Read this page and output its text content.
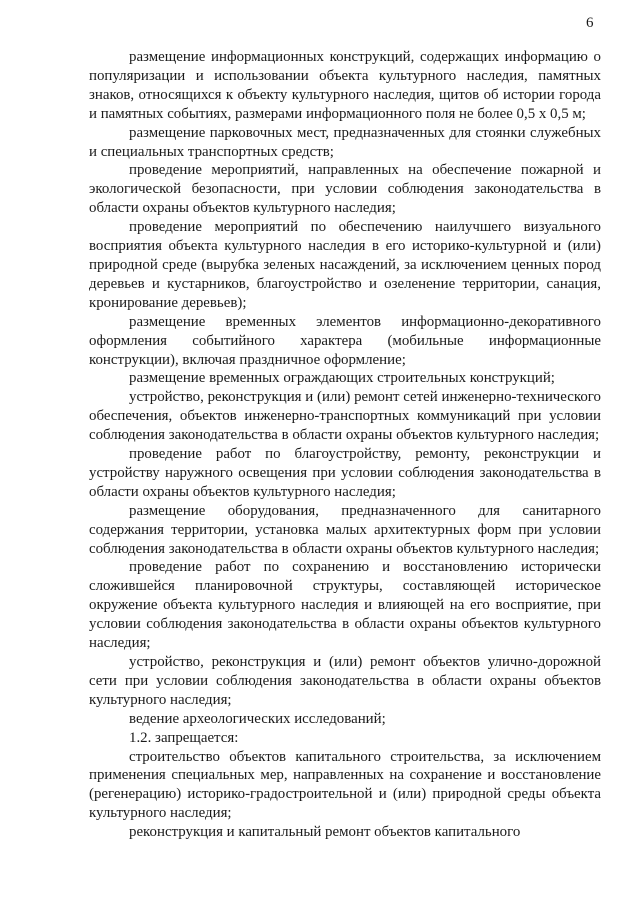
6

размещение информационных конструкций, содержащих информацию о популяризации и использовании объекта культурного наследия, памятных знаков, относящихся к объекту культурного наследия, щитов об истории города и памятных событиях, размерами информационного поля не более 0,5 х 0,5 м;

размещение парковочных мест, предназначенных для стоянки служебных и специальных транспортных средств;

проведение мероприятий, направленных на обеспечение пожарной и экологической безопасности, при условии соблюдения законодательства в области охраны объектов культурного наследия;

проведение мероприятий по обеспечению наилучшего визуального восприятия объекта культурного наследия в его историко-культурной и (или) природной среде (вырубка зеленых насаждений, за исключением ценных пород деревьев и кустарников, благоустройство и озеленение территории, санация, кронирование деревьев);

размещение временных элементов информационно-декоративного оформления событийного характера (мобильные информационные конструкции), включая праздничное оформление;

размещение временных ограждающих строительных конструкций;

устройство, реконструкция и (или) ремонт сетей инженерно-технического обеспечения, объектов инженерно-транспортных коммуникаций при условии соблюдения законодательства в области охраны объектов культурного наследия;

проведение работ по благоустройству, ремонту, реконструкции и устройству наружного освещения при условии соблюдения законодательства в области охраны объектов культурного наследия;

размещение оборудования, предназначенного для санитарного содержания территории, установка малых архитектурных форм при условии соблюдения законодательства в области охраны объектов культурного наследия;

проведение работ по сохранению и восстановлению исторически сложившейся планировочной структуры, составляющей историческое окружение объекта культурного наследия и влияющей на его восприятие, при условии соблюдения законодательства в области охраны объектов культурного наследия;

устройство, реконструкция и (или) ремонт объектов улично-дорожной сети при условии соблюдения законодательства в области охраны объектов культурного наследия;

ведение археологических исследований;

1.2. запрещается:

строительство объектов капитального строительства, за исключением применения специальных мер, направленных на сохранение и восстановление (регенерацию) историко-градостроительной и (или) природной среды объекта культурного наследия;

реконструкция и капитальный ремонт объектов капитального
